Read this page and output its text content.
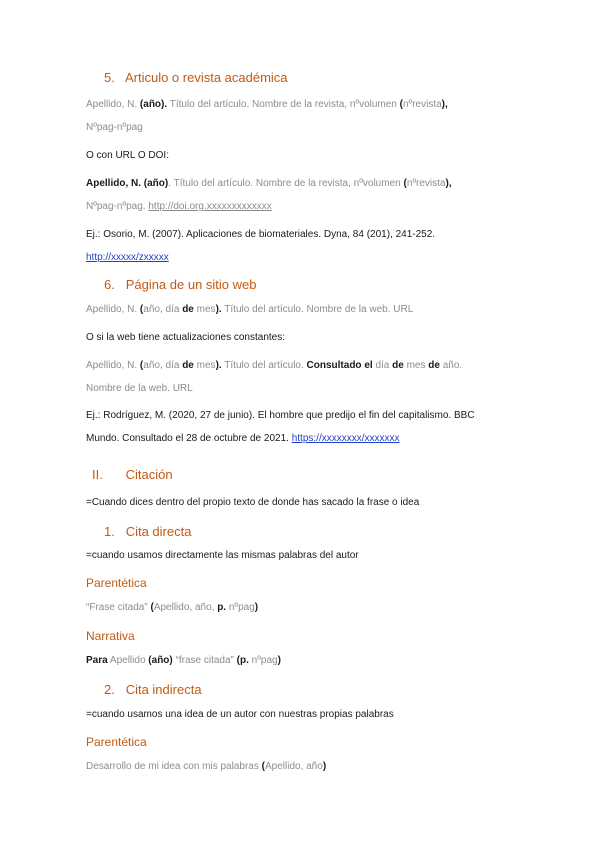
5. Articulo o revista académica
Apellido, N. (año). Título del artículo. Nombre de la revista, nºvolumen (nºrevista),
Nºpag-nºpag
O con URL O DOI:
Apellido, N. (año). Título del artículo. Nombre de la revista, nºvolumen (nºrevista),
Nºpag-nºpag. http://doi.org.xxxxxxxxxxxxx
Ej.: Osorio, M. (2007). Aplicaciones de biomateriales. Dyna, 84 (201), 241-252.
http://xxxxx/zxxxxx
6. Página de un sitio web
Apellido, N. (año, día de mes). Título del artículo. Nombre de la web. URL
O si la web tiene actualizaciones constantes:
Apellido, N. (año, día de mes). Título del artículo. Consultado el día de mes de año.
Nombre de la web. URL
Ej.: Rodríguez, M. (2020, 27 de junio). El hombre que predijo el fin del capitalismo. BBC
Mundo. Consultado el 28 de octubre de 2021. https://xxxxxxxx/xxxxxxx
II. Citación
=Cuando dices dentro del propio texto de donde has sacado la frase o idea
1. Cita directa
=cuando usamos directamente las mismas palabras del autor
Parentética
“Frase citada” (Apellido, año, p. nºpag)
Narrativa
Para Apellido (año) “frase citada” (p. nºpag)
2. Cita indirecta
=cuando usamos una idea de un autor con nuestras propias palabras
Parentética
Desarrollo de mi idea con mis palabras (Apellido, año)
